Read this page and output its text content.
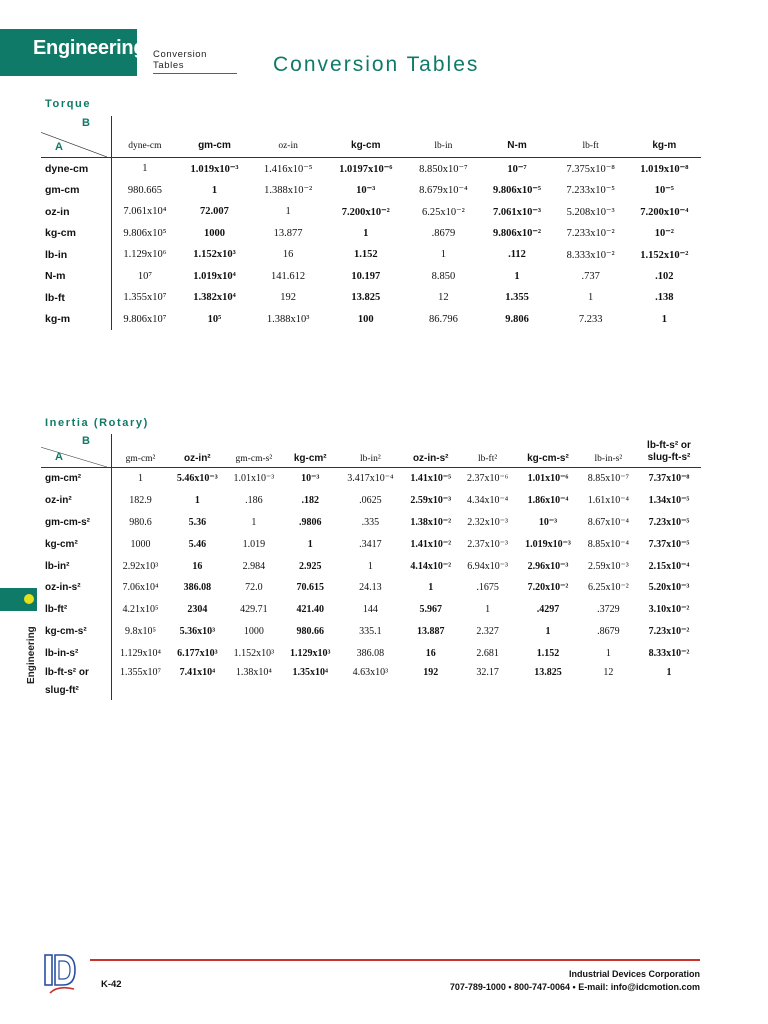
Engineering Conversion
Tables	Conversion Tables
Torque
B
A	dyne-cm	gm-cm	oz-in	kg-cm	lb-in	N-m	lb-ft	kg-m
dyne-cm	1	1.019x10⁻³	1.416x10⁻⁵	1.0197x10⁻⁶	8.850x10⁻⁷	10⁻⁷	7.375x10⁻⁸	1.019x10⁻⁸
gm-cm	980.665	1	1.388x10⁻²	10⁻³	8.679x10⁻⁴	9.806x10⁻⁵	7.233x10⁻⁵	10⁻⁵
oz-in	7.061x10⁴	72.007	1	7.200x10⁻²	6.25x10⁻²	7.061x10⁻³	5.208x10⁻³	7.200x10⁻⁴
kg-cm	9.806x10⁵	1000	13.877	1	.8679	9.806x10⁻²	7.233x10⁻²	10⁻²
lb-in	1.129x10⁶	1.152x10³	16	1.152	1	.112	8.333x10⁻²	1.152x10⁻²
N-m	10⁷	1.019x10⁴	141.612	10.197	8.850	1	.737	.102
lb-ft	1.355x10⁷	1.382x10⁴	192	13.825	12	1.355	1	.138
kg-m	9.806x10⁷	10⁵	1.388x10³	100	86.796	9.806	7.233	1
Inertia (Rotary)
B
A	gm-cm²	oz-in²	gm-cm-s²	kg-cm²	lb-in²	oz-in-s²	lb-ft²	kg-cm-s²	lb-in-s²	lb-ft-s² or slug-ft-s²
gm-cm²	1	5.46x10⁻³	1.01x10⁻³	10⁻³	3.417x10⁻⁴	1.41x10⁻⁵	2.37x10⁻⁶	1.01x10⁻⁶	8.85x10⁻⁷	7.37x10⁻⁸
oz-in²	182.9	1	.186	.182	.0625	2.59x10⁻³	4.34x10⁻⁴	1.86x10⁻⁴	1.61x10⁻⁴	1.34x10⁻⁵
gm-cm-s²	980.6	5.36	1	.9806	.335	1.38x10⁻²	2.32x10⁻³	10⁻³	8.67x10⁻⁴	7.23x10⁻⁵
kg-cm²	1000	5.46	1.019	1	.3417	1.41x10⁻²	2.37x10⁻³	1.019x10⁻³	8.85x10⁻⁴	7.37x10⁻⁵
lb-in²	2.92x10³	16	2.984	2.925	1	4.14x10⁻²	6.94x10⁻³	2.96x10⁻³	2.59x10⁻³	2.15x10⁻⁴
oz-in-s²	7.06x10⁴	386.08	72.0	70.615	24.13	1	.1675	7.20x10⁻²	6.25x10⁻²	5.20x10⁻³
lb-ft²	4.21x10⁵	2304	429.71	421.40	144	5.967	1	.4297	.3729	3.10x10⁻²
kg-cm-s²	9.8x10⁵	5.36x10³	1000	980.66	335.1	13.887	2.327	1	.8679	7.23x10⁻²
lb-in-s²	1.129x10⁴	6.177x10³	1.152x10³	1.129x10³	386.08	16	2.681	1.152	1	8.33x10⁻²
lb-ft-s² or slug-ft²	1.355x10⁷	7.41x10⁴	1.38x10⁴	1.35x10⁴	4.63x10³	192	32.17	13.825	12	1
Engineering
K-42
Industrial Devices Corporation
707-789-1000 • 800-747-0064 • E-mail: info@idcmotion.com
